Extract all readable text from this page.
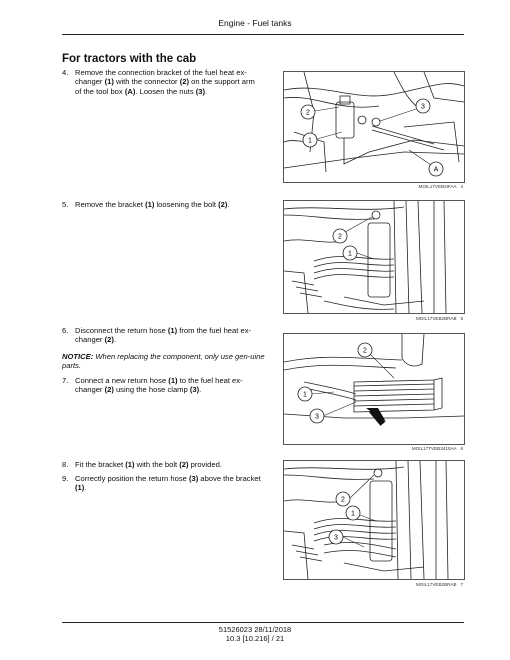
Engine - Fuel tanks
For tractors with the cab
4. Remove the connection bracket of the fuel heat ex-changer (1) with the connector (2) on the support arm of the tool box (A). Loosen the nuts (3).
5. Remove the bracket (1) loosening the bolt (2).
6. Disconnect the return hose (1) from the fuel heat ex-changer (2).
NOTICE: When replacing the component, only use gen-uine parts.
7. Connect a new return hose (1) to the fuel heat ex-changer (2) using the hose clamp (3).
8. Fit the bracket (1) with the bolt (2) provided.
9. Correctly position the return hose (3) above the bracket (1).
2
3
1
A
MOIL17VEB2IFAA 4
2
1
MOIL17VEB2BRAB 5
2
1
3
MOIL17TVEB3410AA 6
2
1
3
MOIL17VEB2BRAB 7
51526023 28/11/2018
10.3 [10.216] / 21
